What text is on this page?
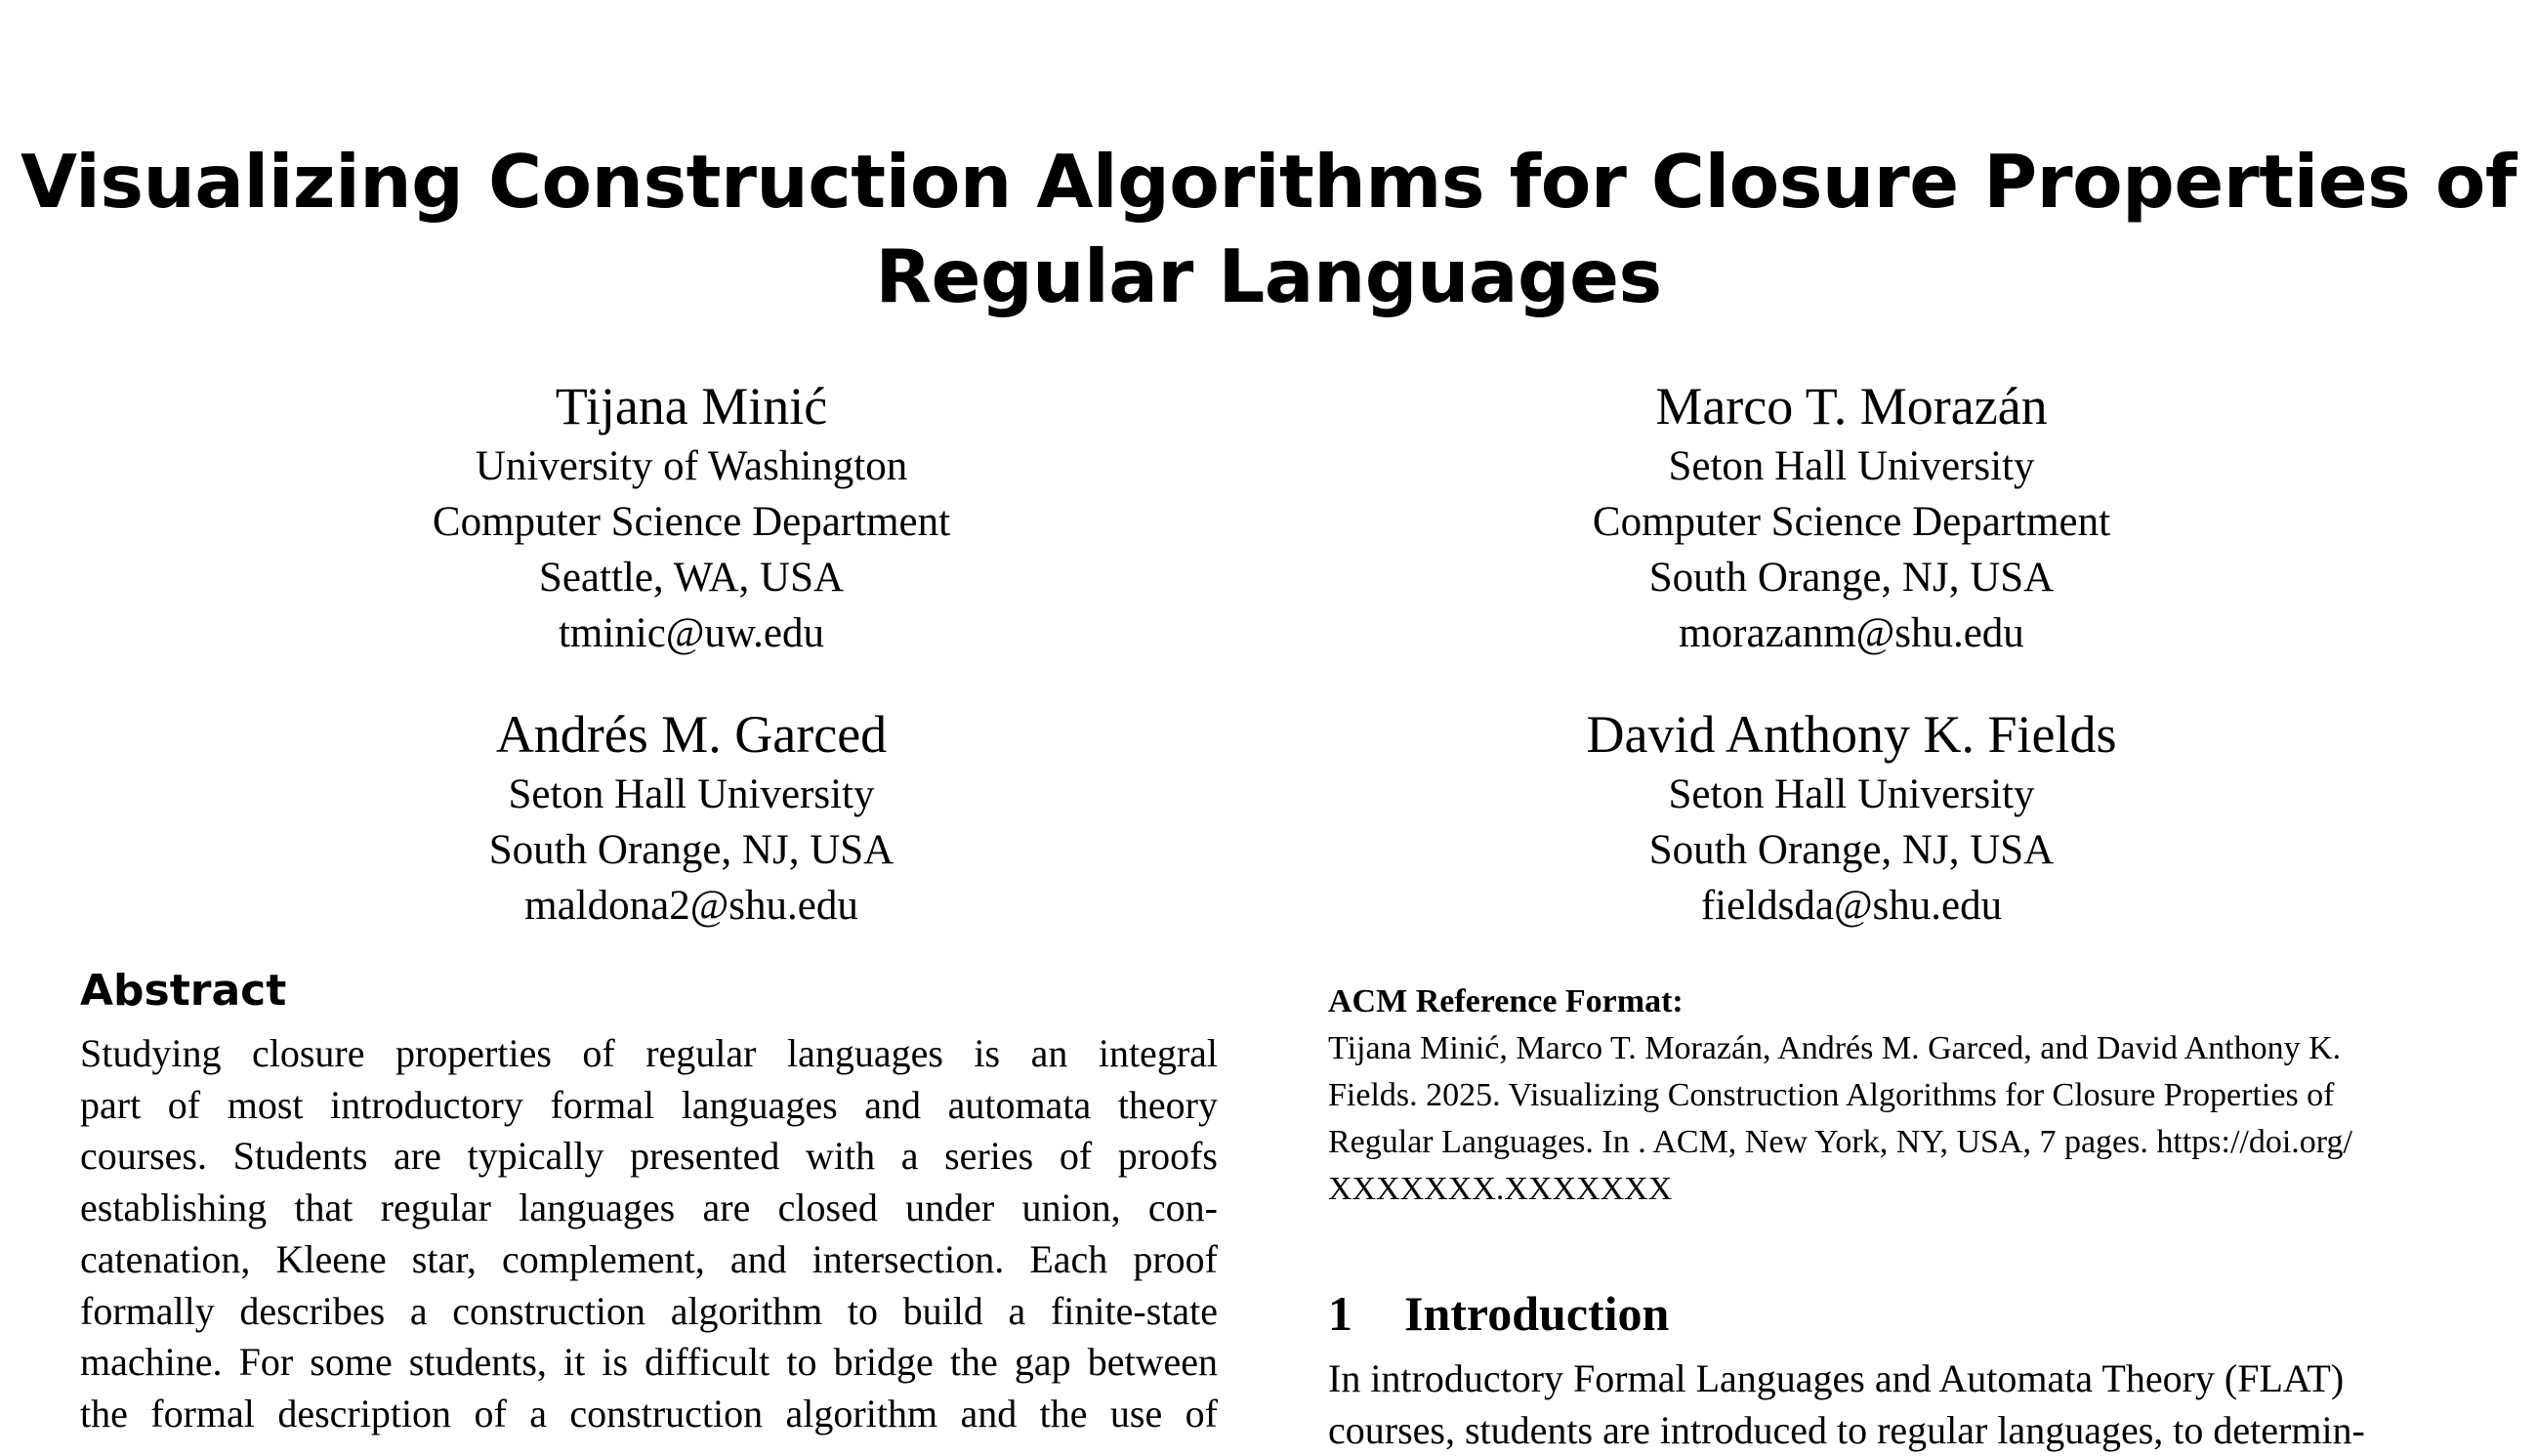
Visualizing Construction Algorithms for Closure Properties of
Regular Languages
Tijana Minić
University of Washington
Computer Science Department
Seattle, WA, USA
tminic@uw.edu
Marco T. Morazán
Seton Hall University
Computer Science Department
South Orange, NJ, USA
morazanm@shu.edu
Andrés M. Garced
Seton Hall University
South Orange, NJ, USA
maldona2@shu.edu
David Anthony K. Fields
Seton Hall University
South Orange, NJ, USA
fieldsda@shu.edu
Abstract
Studying closure properties of regular languages is an integral
part of most introductory formal languages and automata theory
courses. Students are typically presented with a series of proofs
establishing that regular languages are closed under union, con-
catenation, Kleene star, complement, and intersection. Each proof
formally describes a construction algorithm to build a finite-state
machine. For some students, it is difficult to bridge the gap between
the formal description of a construction algorithm and the use of
ACM Reference Format:
Tijana Minić, Marco T. Morazán, Andrés M. Garced, and David Anthony K.
Fields. 2025. Visualizing Construction Algorithms for Closure Properties of
Regular Languages. In . ACM, New York, NY, USA, 7 pages. https://doi.org/
XXXXXXX.XXXXXXX
1 Introduction
In introductory Formal Languages and Automata Theory (FLAT)
courses, students are introduced to regular languages, to determin-
